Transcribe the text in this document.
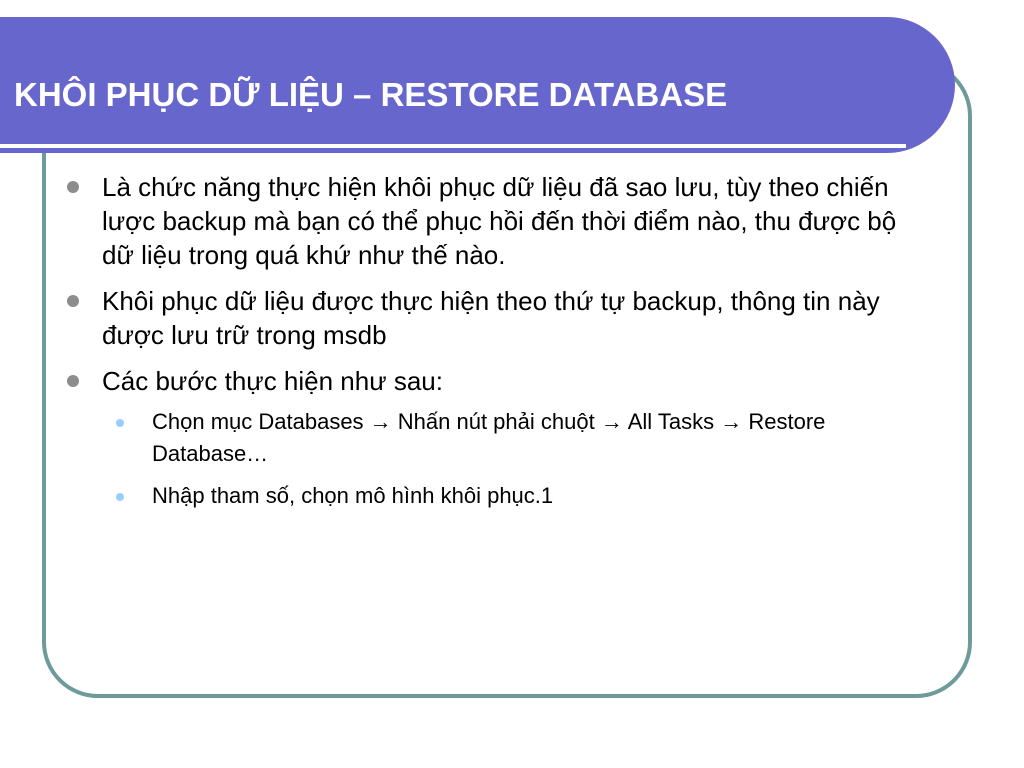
KHÔI PHỤC DỮ LIỆU – RESTORE DATABASE
Là chức năng thực hiện khôi phục dữ liệu đã sao lưu, tùy theo chiến lược backup mà bạn có thể phục hồi đến thời điểm nào, thu được bộ dữ liệu trong quá khứ như thế nào.
Khôi phục dữ liệu được thực hiện theo thứ tự backup, thông tin này được lưu trữ trong msdb
Các bước thực hiện như sau:
Chọn mục Databases → Nhấn nút phải chuột → All Tasks → Restore Database…
Nhập tham số, chọn mô hình khôi phục.1
